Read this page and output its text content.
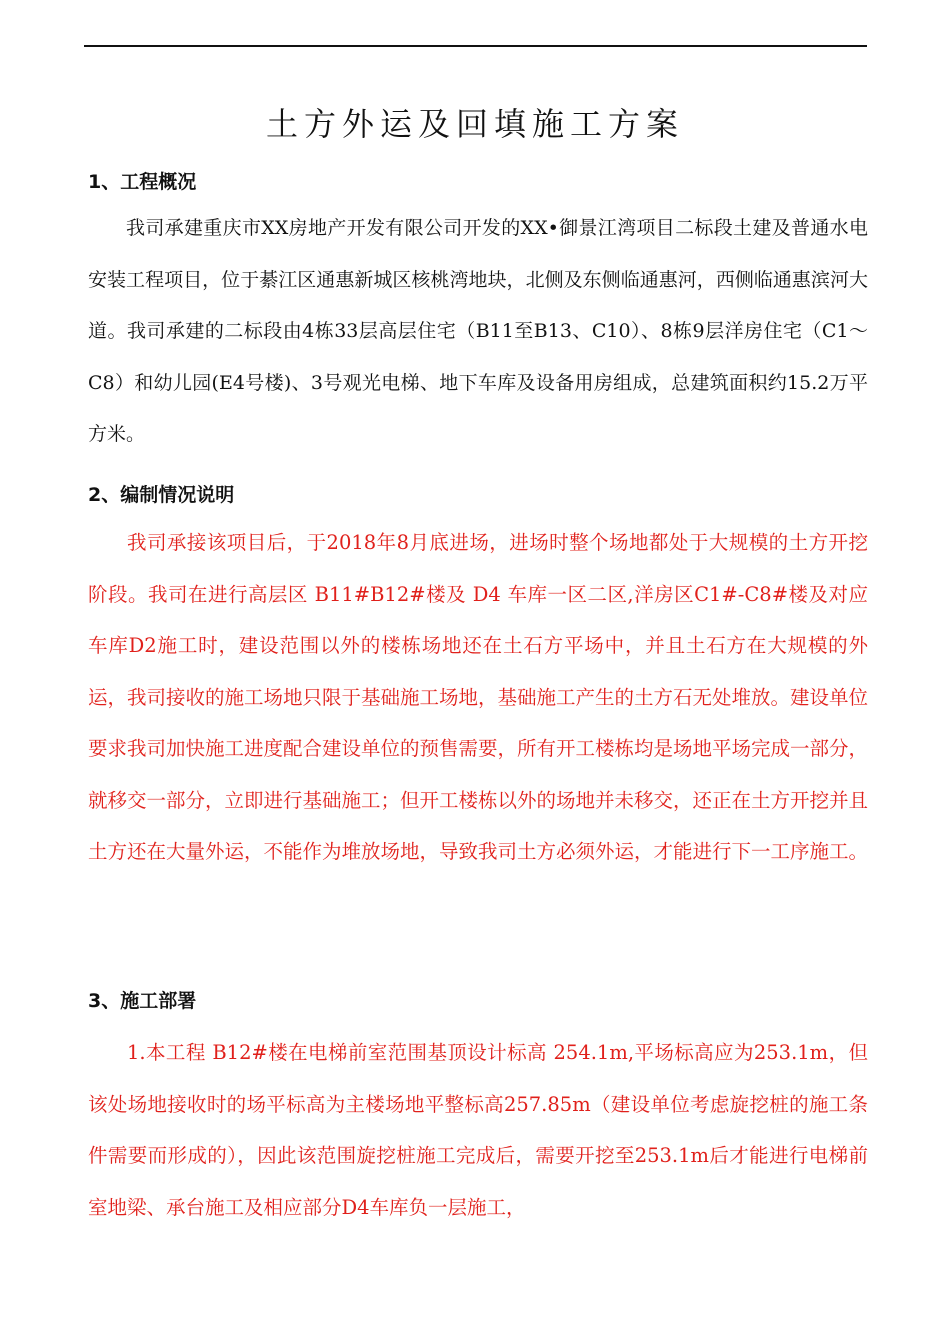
土方外运及回填施工方案
1、工程概况

我司承建重庆市XX房地产开发有限公司开发的XX•御景江湾项目二标段土建及普通水电安装工程项目，位于綦江区通惠新城区核桃湾地块，北侧及东侧临通惠河，西侧临通惠滨河大道。我司承建的二标段由4栋33层高层住宅（B11至B13、C10）、8栋9层洋房住宅（C1～C8）和幼儿园(E4号楼)、3号观光电梯、地下车库及设备用房组成，总建筑面积约15.2万平方米。

2、编制情况说明

我司承接该项目后，于2018年8月底进场，进场时整个场地都处于大规模的土方开挖阶段。我司在进行高层区 B11#B12#楼及 D4 车库一区二区,洋房区C1#-C8#楼及对应车库D2施工时，建设范围以外的楼栋场地还在土石方平场中，并且土石方在大规模的外运，我司接收的施工场地只限于基础施工场地，基础施工产生的土方石无处堆放。建设单位要求我司加快施工进度配合建设单位的预售需要，所有开工楼栋均是场地平场完成一部分，就移交一部分，立即进行基础施工；但开工楼栋以外的场地并未移交，还正在土方开挖并且土方还在大量外运，不能作为堆放场地，导致我司土方必须外运，才能进行下一工序施工。

3、施工部署

1.本工程 B12#楼在电梯前室范围基顶设计标高 254.1m,平场标高应为253.1m，但该处场地接收时的场平标高为主楼场地平整标高257.85m（建设单位考虑旋挖桩的施工条件需要而形成的），因此该范围旋挖桩施工完成后，需要开挖至253.1m后才能进行电梯前室地梁、承台施工及相应部分D4车库负一层施工，
